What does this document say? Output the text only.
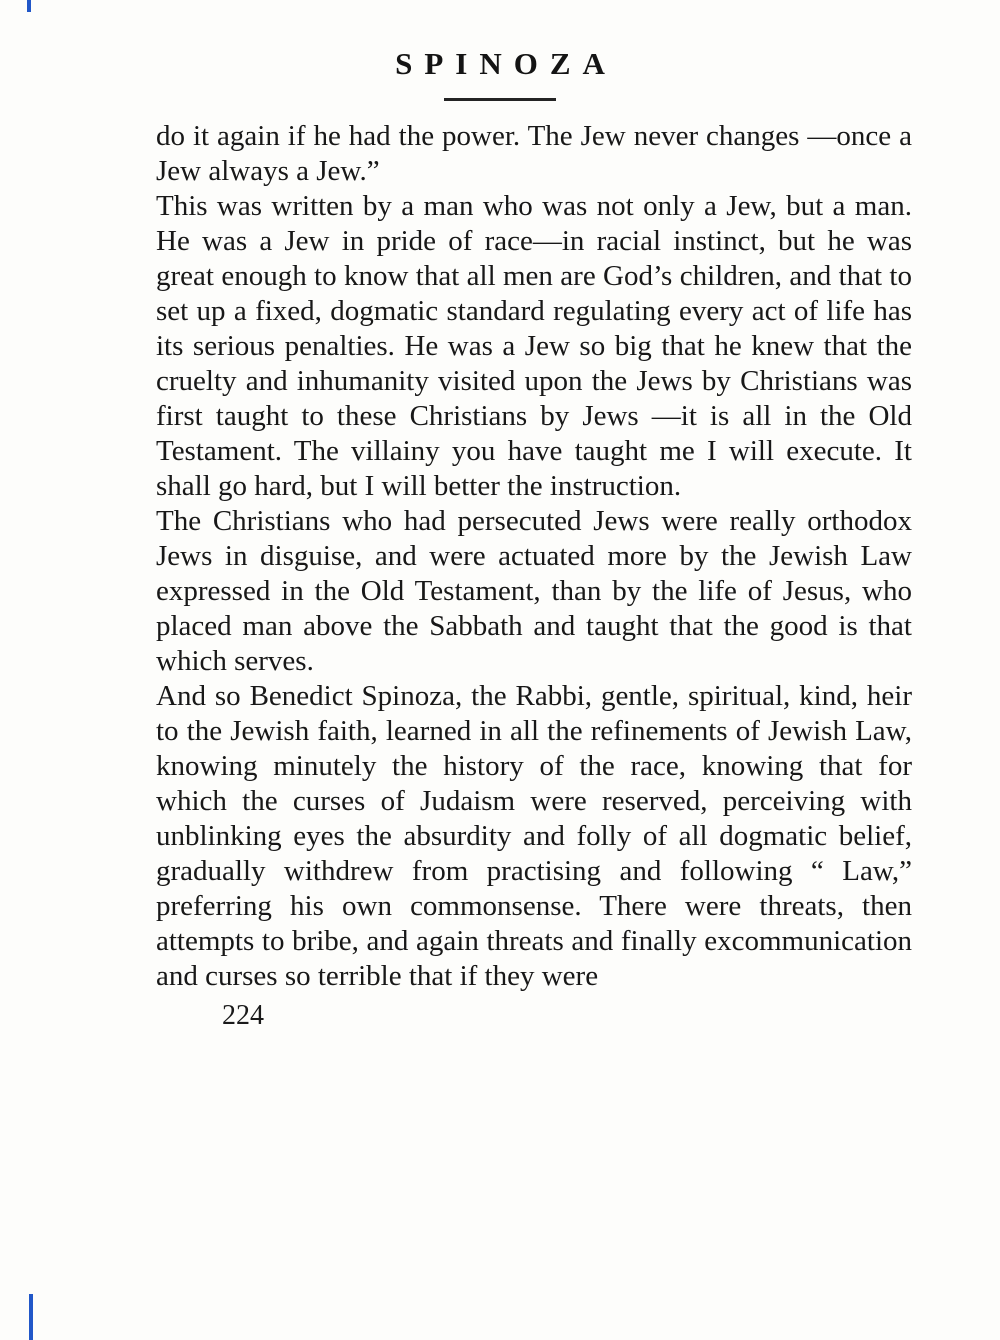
SPINOZA

do it again if he had the power. The Jew never changes —once a Jew always a Jew.”

This was written by a man who was not only a Jew, but a man. He was a Jew in pride of race—in racial instinct, but he was great enough to know that all men are God’s children, and that to set up a fixed, dogmatic standard regulating every act of life has its serious penalties. He was a Jew so big that he knew that the cruelty and inhumanity visited upon the Jews by Christians was first taught to these Christians by Jews —it is all in the Old Testament. The villainy you have taught me I will execute. It shall go hard, but I will better the instruction.

The Christians who had persecuted Jews were really orthodox Jews in disguise, and were actuated more by the Jewish Law expressed in the Old Testament, than by the life of Jesus, who placed man above the Sabbath and taught that the good is that which serves.

And so Benedict Spinoza, the Rabbi, gentle, spiritual, kind, heir to the Jewish faith, learned in all the refinements of Jewish Law, knowing minutely the history of the race, knowing that for which the curses of Judaism were reserved, perceiving with unblinking eyes the absurdity and folly of all dogmatic belief, gradually withdrew from practising and following “ Law,” preferring his own commonsense. There were threats, then attempts to bribe, and again threats and finally excommunication and curses so terrible that if they were

224
